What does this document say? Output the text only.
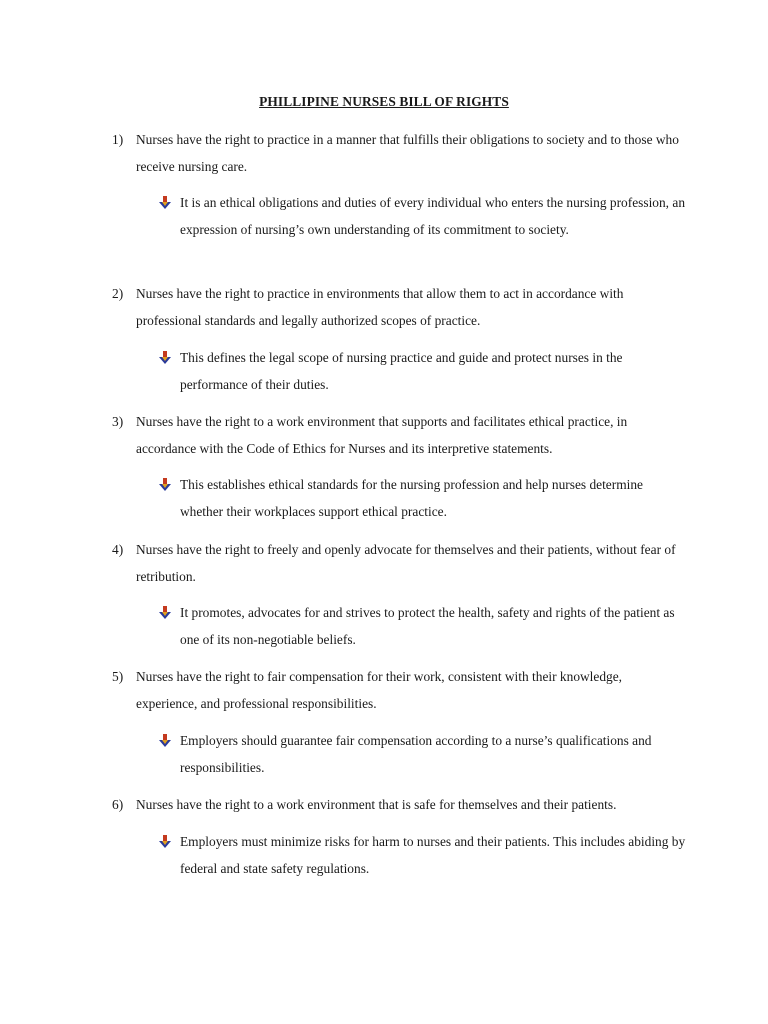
PHILLIPINE NURSES BILL OF RIGHTS
1) Nurses have the right to practice in a manner that fulfills their obligations to society and to those who receive nursing care.
It is an ethical obligations and duties of every individual who enters the nursing profession, an expression of nursing’s own understanding of its commitment to society.
2) Nurses have the right to practice in environments that allow them to act in accordance with professional standards and legally authorized scopes of practice.
This defines the legal scope of nursing practice and guide and protect nurses in the performance of their duties.
3) Nurses have the right to a work environment that supports and facilitates ethical practice, in accordance with the Code of Ethics for Nurses and its interpretive statements.
This establishes ethical standards for the nursing profession and help nurses determine whether their workplaces support ethical practice.
4) Nurses have the right to freely and openly advocate for themselves and their patients, without fear of retribution.
It promotes, advocates for and strives to protect the health, safety and rights of the patient as one of its non-negotiable beliefs.
5) Nurses have the right to fair compensation for their work, consistent with their knowledge, experience, and professional responsibilities.
Employers should guarantee fair compensation according to a nurse’s qualifications and responsibilities.
6) Nurses have the right to a work environment that is safe for themselves and their patients.
Employers must minimize risks for harm to nurses and their patients. This includes abiding by federal and state safety regulations.
